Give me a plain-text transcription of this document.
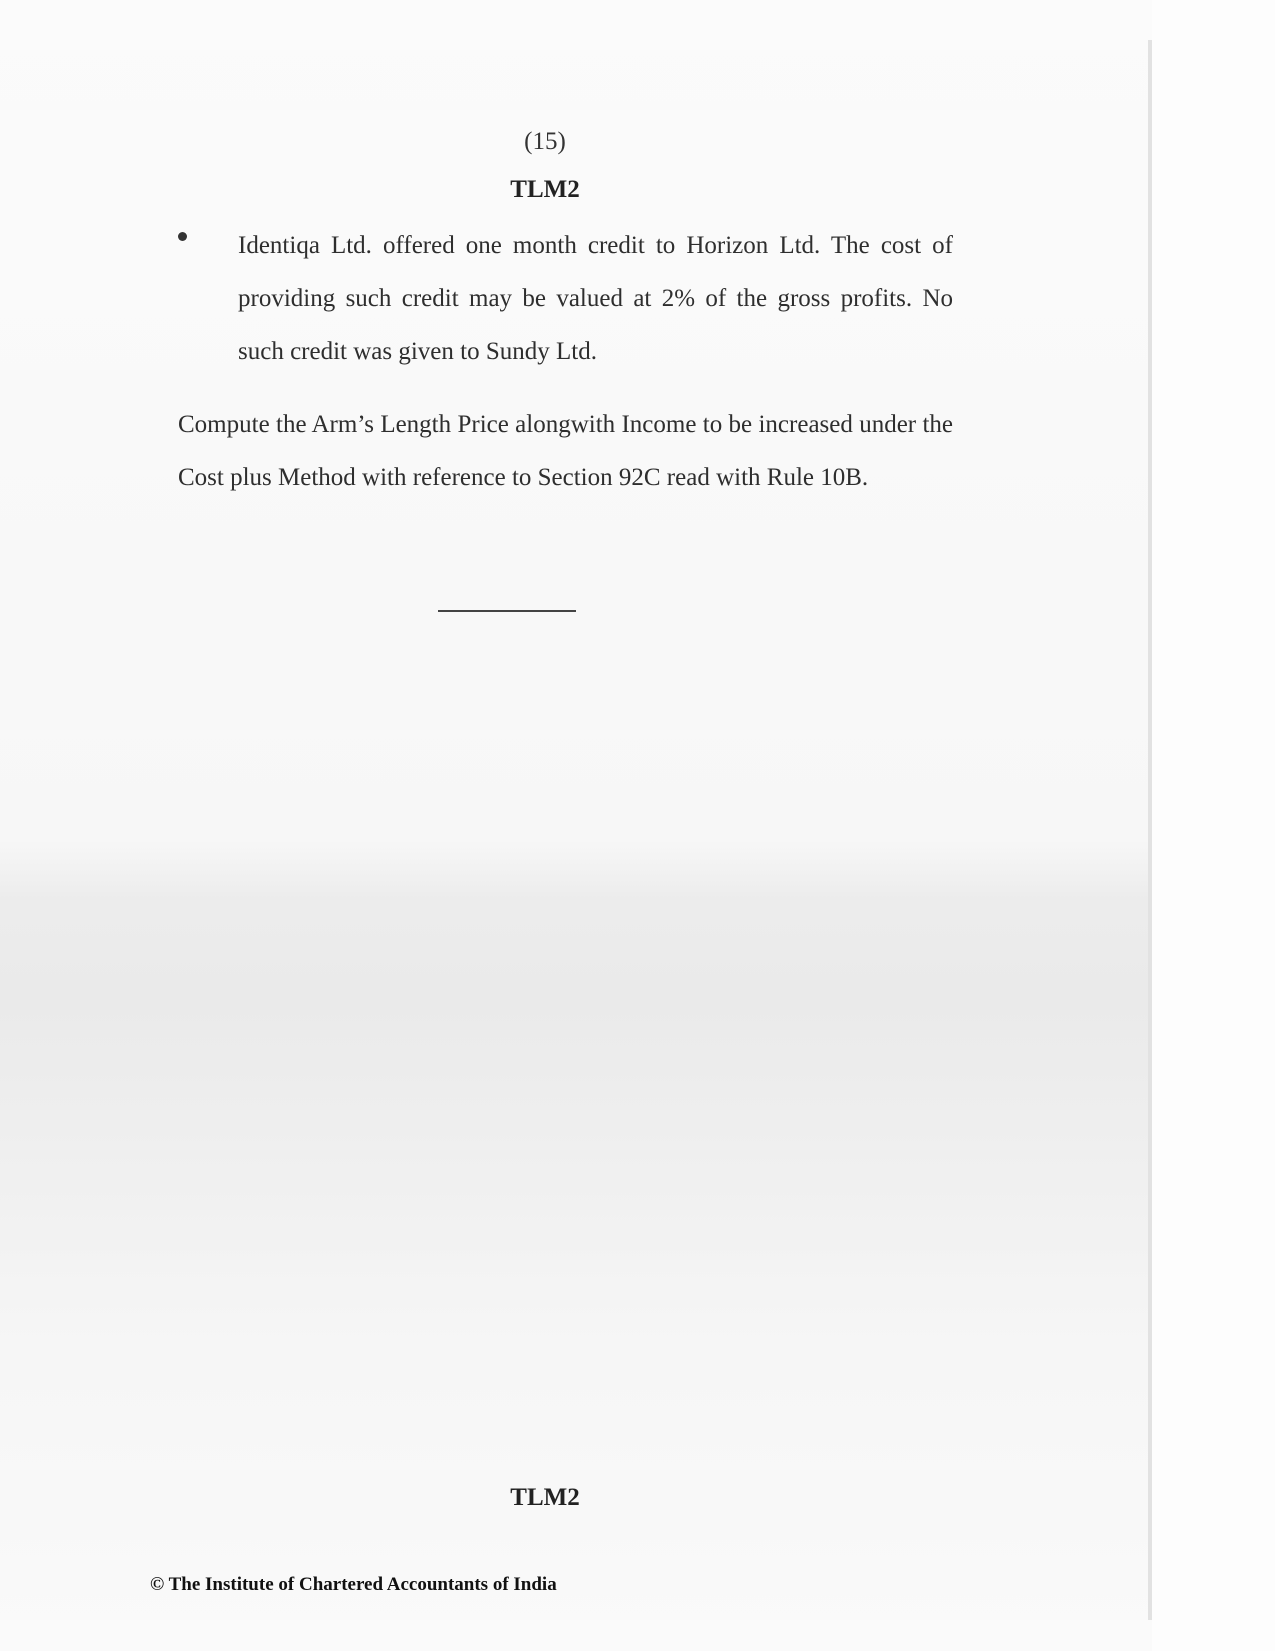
(15)
TLM2

Identiqa Ltd. offered one month credit to Horizon Ltd. The cost of providing such credit may be valued at 2% of the gross profits. No such credit was given to Sundy Ltd.

Compute the Arm’s Length Price alongwith Income to be increased under the Cost plus Method with reference to Section 92C read with Rule 10B.

TLM2
© The Institute of Chartered Accountants of India
